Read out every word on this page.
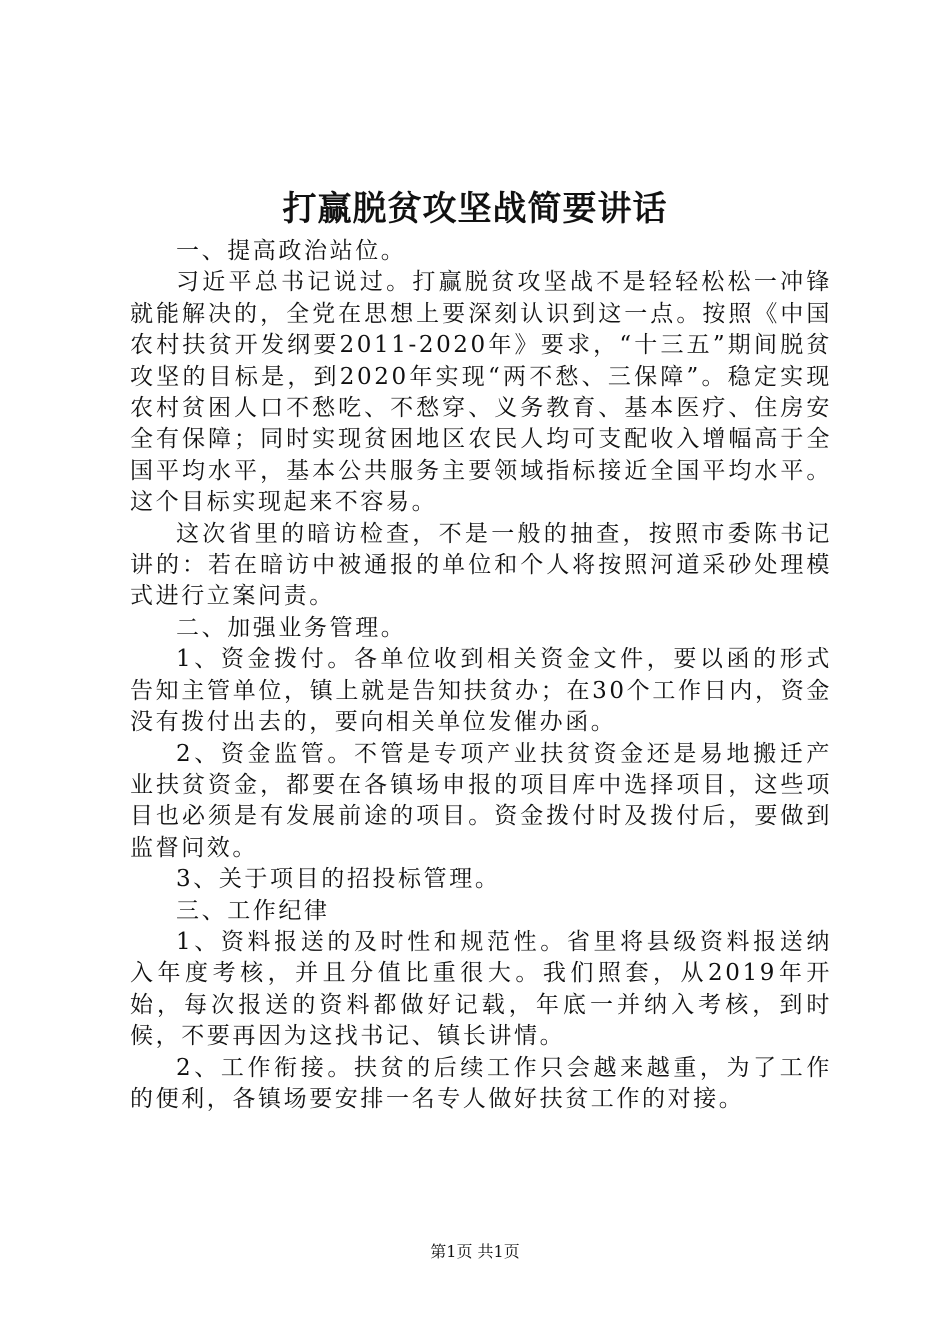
打赢脱贫攻坚战简要讲话

一、提高政治站位。

习近平总书记说过。打赢脱贫攻坚战不是轻轻松松一冲锋就能解决的，全党在思想上要深刻认识到这一点。按照《中国农村扶贫开发纲要2011-2020年》要求，“十三五”期间脱贫攻坚的目标是，到2020年实现“两不愁、三保障”。稳定实现农村贫困人口不愁吃、不愁穿、义务教育、基本医疗、住房安全有保障；同时实现贫困地区农民人均可支配收入增幅高于全国平均水平，基本公共服务主要领域指标接近全国平均水平。这个目标实现起来不容易。

这次省里的暗访检查，不是一般的抽查，按照市委陈书记讲的：若在暗访中被通报的单位和个人将按照河道采砂处理模式进行立案问责。

二、加强业务管理。

1、资金拨付。各单位收到相关资金文件，要以函的形式告知主管单位，镇上就是告知扶贫办；在30个工作日内，资金没有拨付出去的，要向相关单位发催办函。

2、资金监管。不管是专项产业扶贫资金还是易地搬迁产业扶贫资金，都要在各镇场申报的项目库中选择项目，这些项目也必须是有发展前途的项目。资金拨付时及拨付后，要做到监督问效。

3、关于项目的招投标管理。

三、工作纪律

1、资料报送的及时性和规范性。省里将县级资料报送纳入年度考核，并且分值比重很大。我们照套，从2019年开始，每次报送的资料都做好记载，年底一并纳入考核，到时候，不要再因为这找书记、镇长讲情。

2、工作衔接。扶贫的后续工作只会越来越重，为了工作的便利，各镇场要安排一名专人做好扶贫工作的对接。

第1页 共1页
